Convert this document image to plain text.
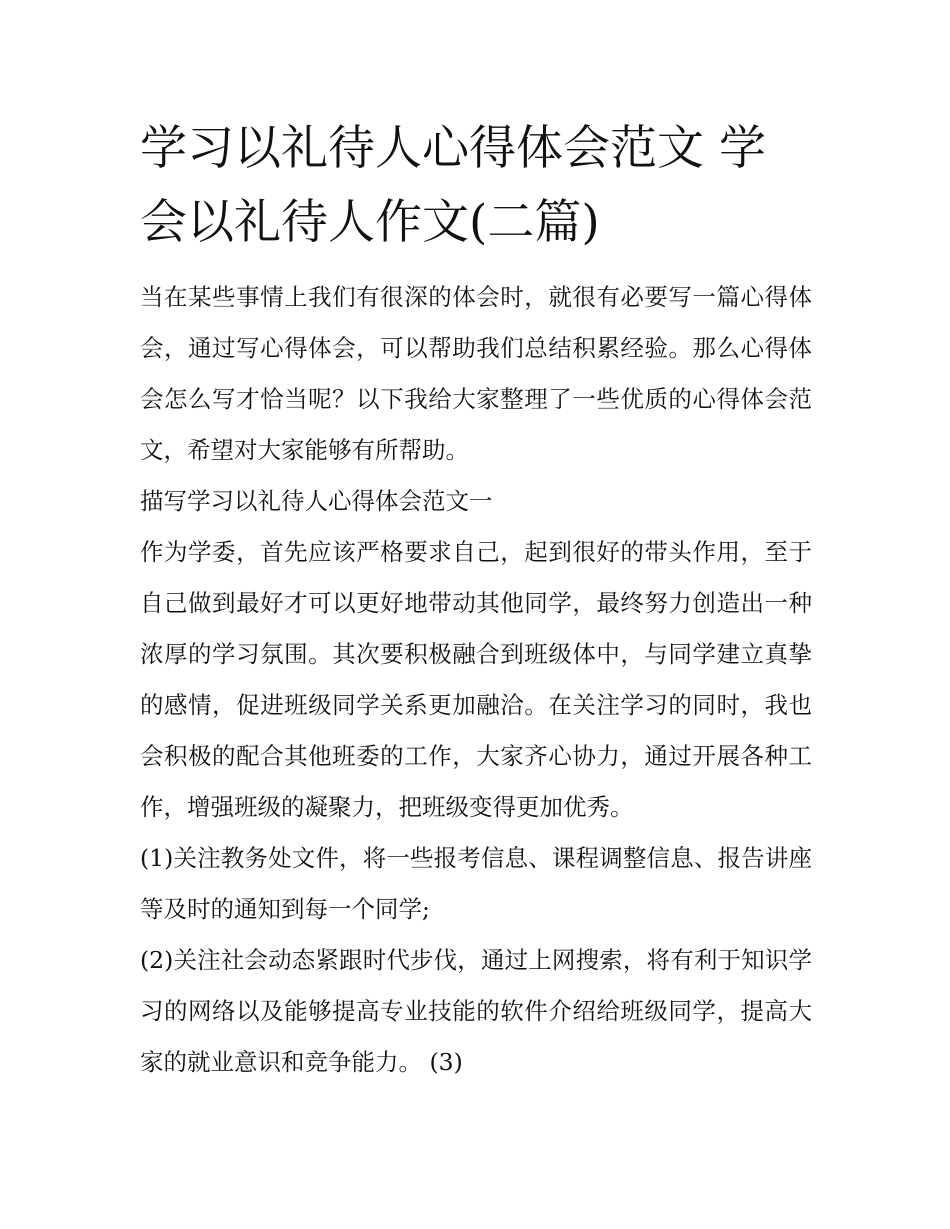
学习以礼待人心得体会范文 学会以礼待人作文(二篇)

当在某些事情上我们有很深的体会时，就很有必要写一篇心得体会，通过写心得体会，可以帮助我们总结积累经验。那么心得体会怎么写才恰当呢？以下我给大家整理了一些优质的心得体会范文，希望对大家能够有所帮助。

描写学习以礼待人心得体会范文一

作为学委，首先应该严格要求自己，起到很好的带头作用，至于自己做到最好才可以更好地带动其他同学，最终努力创造出一种浓厚的学习氛围。其次要积极融合到班级体中，与同学建立真挚的感情，促进班级同学关系更加融洽。在关注学习的同时，我也会积极的配合其他班委的工作，大家齐心协力，通过开展各种工作，增强班级的凝聚力，把班级变得更加优秀。

(1)关注教务处文件，将一些报考信息、课程调整信息、报告讲座等及时的通知到每一个同学;

(2)关注社会动态紧跟时代步伐，通过上网搜索，将有利于知识学习的网络以及能够提高专业技能的软件介绍给班级同学，提高大家的就业意识和竞争能力。 (3)
